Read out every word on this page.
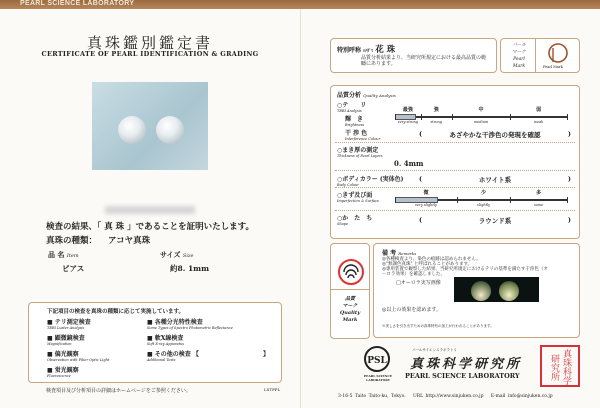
PEARL SCIENCE LABORATORY
真珠鑑別鑑定書
CERTIFICATE OF PEARL IDENTIFICATION & GRADING
検査の結果、「 真 珠 」であることを証明いたします。
真珠の種類： アコヤ真珠
品 名 Item	サイズ Size
ピアス	約8. 1mm
下記項目の検査を真珠の種類に応じて実施しています。
■ テリ測定検査
TERI Luster Analysis
■ 各種分光特性検査
Some Types of Spectro Photometric Reflectance
■ 顕微鏡検査
Magnification
■ 軟X線検査
Soft X-ray Apparatus
■ 偏光観察
Observation with Fiber Optic Light
■ その他の検査 【
Additional Tests
】
■ 蛍光観察
Fluorescence
検査項目及び分析項目の詳細はホームページをご参照ください。	LSTPPL
特別呼称 ﾊﾅﾀﾞﾏ 花 珠
品質分析結果より、当研究所規定における最高品質の範疇にあります。
パール
マーク
Pearl
Mark	Pearl Mark
品質分析 Quality Analysis
○テ　　リ
TERI Analysis
輝　き
Brightness
最強
very strong
強
strong
中
medium
弱
weak
干 渉 色
Interference Colour
(	あざやかな干渉色の発現を確認	)
○まき厚の測定
Thickness of Pearl Layers
0. 4mm
○ボディカラー (実体色)
Body Colour
(	ホワイト系	)
○きず及び面
Imperfection & Surface
微
very slightly
少
slightly
多
some
○か　た　ち
Shape	(	ラウンド系	)
品質
マーク
Quality
Mark
備 考 Remarks
◎各種検査より、染色の痕跡は認められません。
◎"無調色真珠" と呼ばれることがあります。
◎専用装置で観察した結果、当研究所規定におけるテリの基準を満たす干渉色（オーロラ効果）を確認しました。
□オーロラ実写画像
◎以上の効果を認めます。
※美しさを引き出すための真珠特有の加工が行われることがあります。
PSL
PEARL SCIENCE LABORATORY
パールサイエンスラボラトリ
真珠科学研究所
PEARL SCIENCE LABORATORY	真珠科学研究所
3-16-5 Taito Taito-ku, Tokyo. URL http://www.sinjuken.co.jp E-mail info@sinjuken.co.jp
